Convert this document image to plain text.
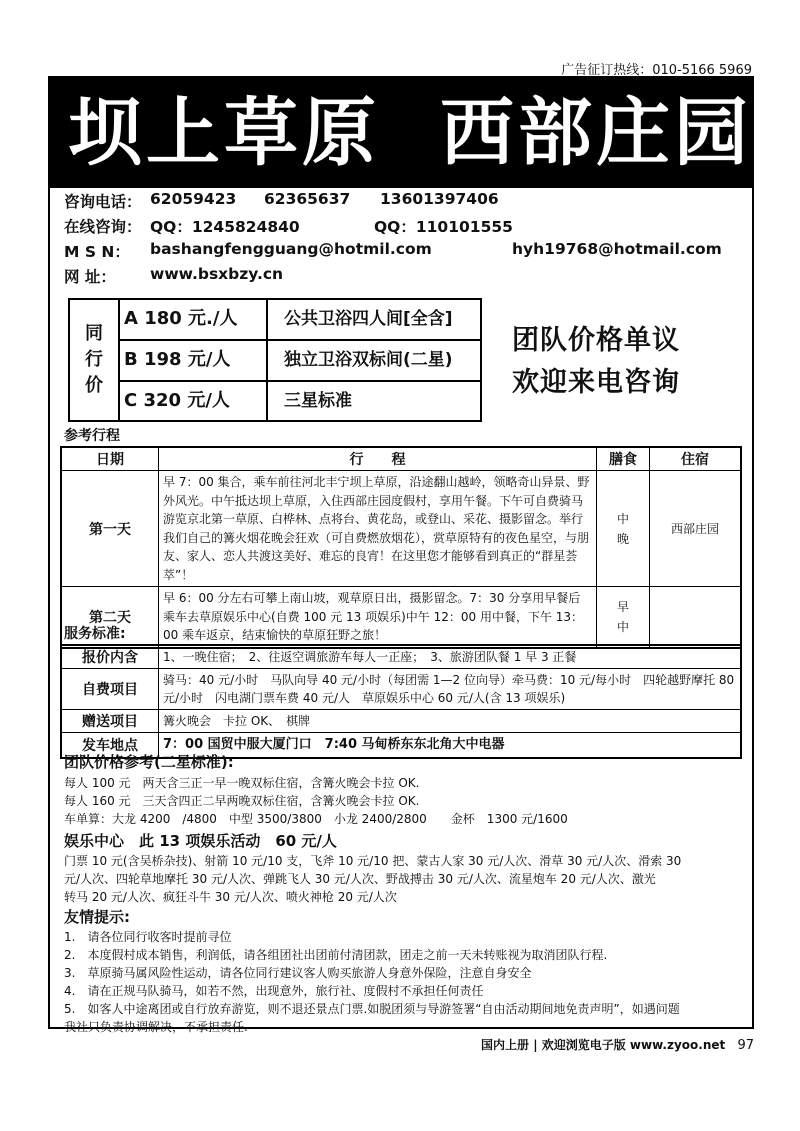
广告征订热线：010-5166 5969
坝上草原 西部庄园
咨询电话： 62059423 62365637 13601397406
在线咨询： QQ：1245824840	QQ：110101555
M S N： bashangfengguang@hotmil.com	hyh19768@hotmail.com
网 址： www.bsxbzy.cn
同
行
价
A 180 元./人	公共卫浴四人间[全含]
B 198 元/人	独立卫浴双标间(二星)
C 320 元/人	三星标准
团队价格单议
欢迎来电咨询
参考行程
日期	行　　程	膳食	住宿
第一天	早 7：00 集合，乘车前往河北丰宁坝上草原，沿途翻山越岭，领略奇山异景、野外风光。中午抵达坝上草原，入住西部庄园度假村，享用午餐。下午可自费骑马游览京北第一草原、白桦林、点将台、黄花岛，或登山、采花、摄影留念。举行我们自己的篝火烟花晚会狂欢（可自费燃放烟花），赏草原特有的夜色星空，与朋友、家人、恋人共渡这美好、难忘的良宵！在这里您才能够看到真正的“群星荟萃”！	中
晚	西部庄园
第二天	早 6：00 分左右可攀上南山坡，观草原日出，摄影留念。7：30 分享用早餐后乘车去草原娱乐中心(自费 100 元 13 项娱乐)中午 12：00 用中餐，下午 13：00 乘车返京，结束愉快的草原狂野之旅！	早
中	
服务标准:
报价内含	1、一晚住宿；　2、往返空调旅游车每人一正座；　3、旅游团队餐 1 早 3 正餐
自费项目	骑马：40 元/小时　马队向导 40 元/小时（每团需 1—2 位向导）牵马费：10 元/每小时　四轮越野摩托 80 元/小时　闪电湖门票车费 40 元/人　草原娱乐中心 60 元/人(含 13 项娱乐)
赠送项目	篝火晚会　卡拉 OK、　棋牌
发车地点	7：00 国贸中服大厦门口　7:40 马甸桥东东北角大中电器
团队价格参考(二星标准):
每人 100 元　两天含三正一早一晚双标住宿，含篝火晚会卡拉 OK.
每人 160 元　三天含四正二早两晚双标住宿，含篝火晚会卡拉 OK.
车单算：大龙 4200　/4800　中型 3500/3800　小龙 2400/2800　　金杯　1300 元/1600
娱乐中心　此 13 项娱乐活动　60 元/人
门票 10 元(含吴桥杂技)、射箭 10 元/10 支，飞斧 10 元/10 把、蒙古人家 30 元/人次、滑草 30 元/人次、滑索 30
元/人次、四轮草地摩托 30 元/人次、弹跳飞人 30 元/人次、野战搏击 30 元/人次、流星炮车 20 元/人次、激光
转马 20 元/人次、疯狂斗牛 30 元/人次、喷火神枪 20 元/人次
友情提示:
1.　请各位同行收客时提前寻位
2.　本度假村成本销售，利润低，请各组团社出团前付清团款，团走之前一天未转账视为取消团队行程.
3.　草原骑马属风险性运动，请各位同行建议客人购买旅游人身意外保险，注意自身安全
4.　请在正规马队骑马，如若不然，出现意外，旅行社、度假村不承担任何责任
5.　如客人中途离团或自行放弃游览，则不退还景点门票.如脱团须与导游签署“自由活动期间地免责声明”，如遇问题
我社只负责协调解决，不承担责任.
国内上册 | 欢迎浏览电子版 www.zyoo.net 97
